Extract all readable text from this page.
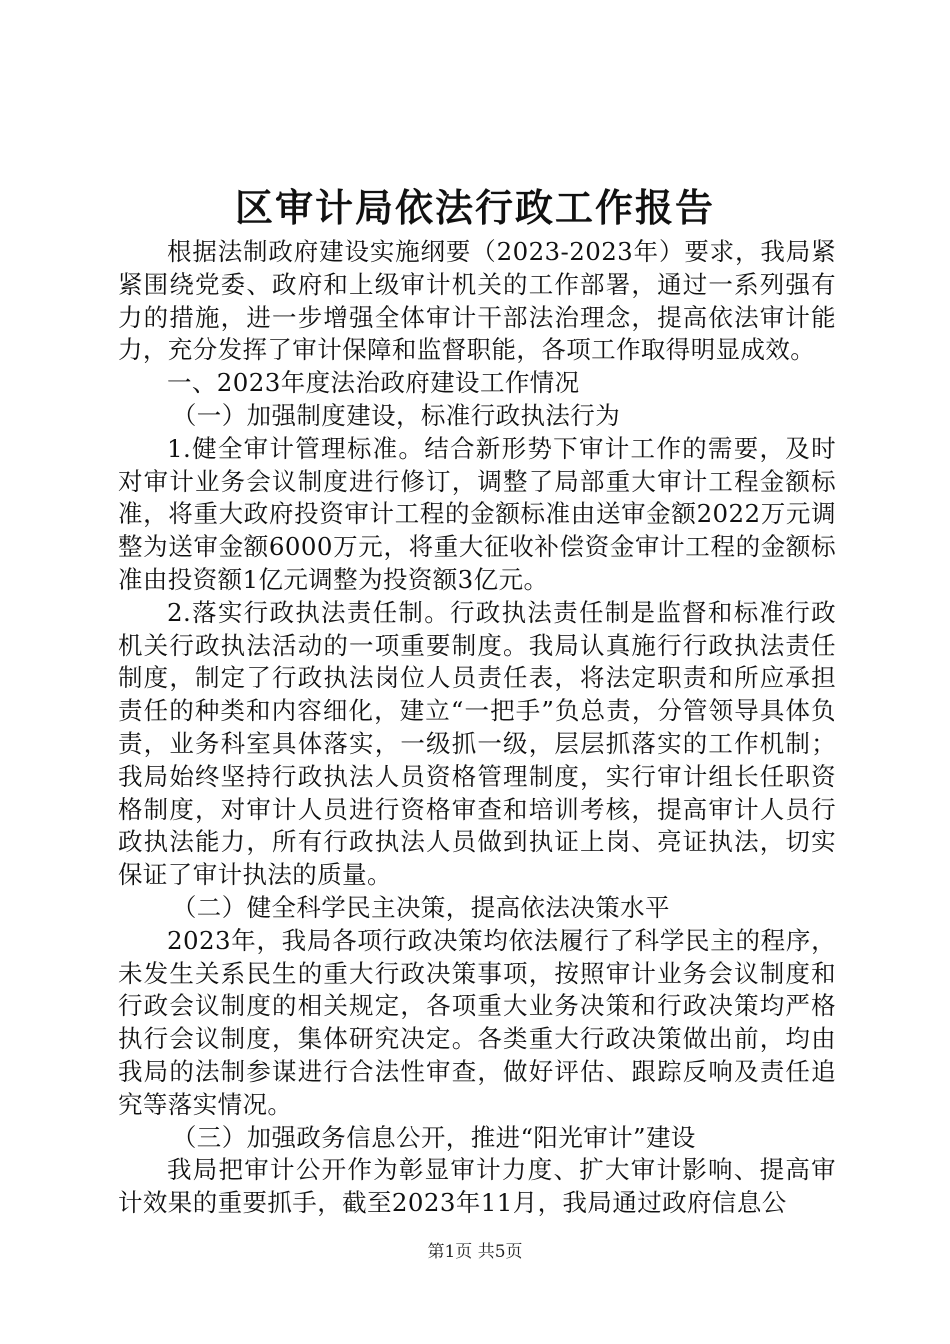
区审计局依法行政工作报告

根据法制政府建设实施纲要（2023-2023年）要求，我局紧紧围绕党委、政府和上级审计机关的工作部署，通过一系列强有力的措施，进一步增强全体审计干部法治理念，提高依法审计能力，充分发挥了审计保障和监督职能，各项工作取得明显成效。

一、2023年度法治政府建设工作情况

（一）加强制度建设，标准行政执法行为

1.健全审计管理标准。结合新形势下审计工作的需要，及时对审计业务会议制度进行修订，调整了局部重大审计工程金额标准，将重大政府投资审计工程的金额标准由送审金额2022万元调整为送审金额6000万元，将重大征收补偿资金审计工程的金额标准由投资额1亿元调整为投资额3亿元。

2.落实行政执法责任制。行政执法责任制是监督和标准行政机关行政执法活动的一项重要制度。我局认真施行行政执法责任制度，制定了行政执法岗位人员责任表，将法定职责和所应承担责任的种类和内容细化，建立“一把手”负总责，分管领导具体负责，业务科室具体落实，一级抓一级，层层抓落实的工作机制；我局始终坚持行政执法人员资格管理制度，实行审计组长任职资格制度，对审计人员进行资格审查和培训考核，提高审计人员行政执法能力，所有行政执法人员做到执证上岗、亮证执法，切实保证了审计执法的质量。

（二）健全科学民主决策，提高依法决策水平

2023年，我局各项行政决策均依法履行了科学民主的程序，未发生关系民生的重大行政决策事项，按照审计业务会议制度和行政会议制度的相关规定，各项重大业务决策和行政决策均严格执行会议制度，集体研究决定。各类重大行政决策做出前，均由我局的法制参谋进行合法性审查，做好评估、跟踪反响及责任追究等落实情况。

（三）加强政务信息公开，推进“阳光审计”建设

我局把审计公开作为彰显审计力度、扩大审计影响、提高审计效果的重要抓手，截至2023年11月，我局通过政府信息公

第1页 共5页
